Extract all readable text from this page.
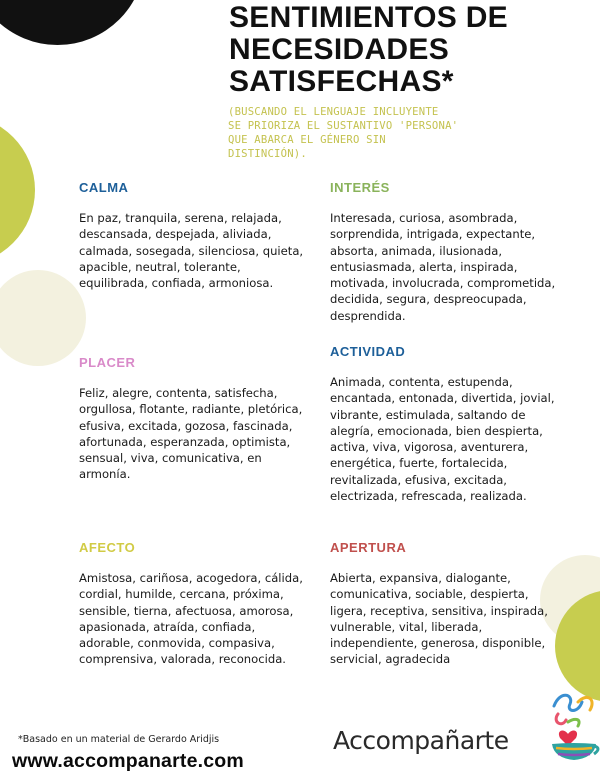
SENTIMIENTOS DE
NECESIDADES
SATISFECHAS*
(BUSCANDO EL LENGUAJE INCLUYENTE
SE PRIORIZA EL SUSTANTIVO 'PERSONA'
QUE ABARCA EL GÉNERO SIN
DISTINCIÓN).
CALMA

En paz, tranquila, serena, relajada, descansada, despejada, aliviada, calmada, sosegada, silenciosa, quieta, apacible, neutral, tolerante, equilibrada, confiada, armoniosa.

INTERÉS

Interesada, curiosa, asombrada, sorprendida, intrigada, expectante, absorta, animada, ilusionada, entusiasmada, alerta, inspirada, motivada, involucrada, comprometida, decidida, segura, despreocupada, desprendida.

PLACER

Feliz, alegre, contenta, satisfecha, orgullosa, flotante, radiante, pletórica, efusiva, excitada, gozosa, fascinada, afortunada, esperanzada, optimista, sensual, viva, comunicativa, en armonía.

ACTIVIDAD

Animada, contenta, estupenda, encantada, entonada, divertida, jovial, vibrante, estimulada, saltando de alegría, emocionada, bien despierta, activa, viva, vigorosa, aventurera, energética, fuerte, fortalecida, revitalizada, efusiva, excitada, electrizada, refrescada, realizada.

AFECTO

Amistosa, cariñosa, acogedora, cálida, cordial, humilde, cercana, próxima, sensible, tierna, afectuosa, amorosa, apasionada, atraída, confiada, adorable, conmovida, compasiva, comprensiva, valorada, reconocida.

APERTURA

Abierta, expansiva, dialogante, comunicativa, sociable, despierta, ligera, receptiva, sensitiva, inspirada, vulnerable, vital, liberada, independiente, generosa, disponible, servicial, agradecida

*Basado en un material de Gerardo Aridjis
www.accompanarte.com
Accompañarte
